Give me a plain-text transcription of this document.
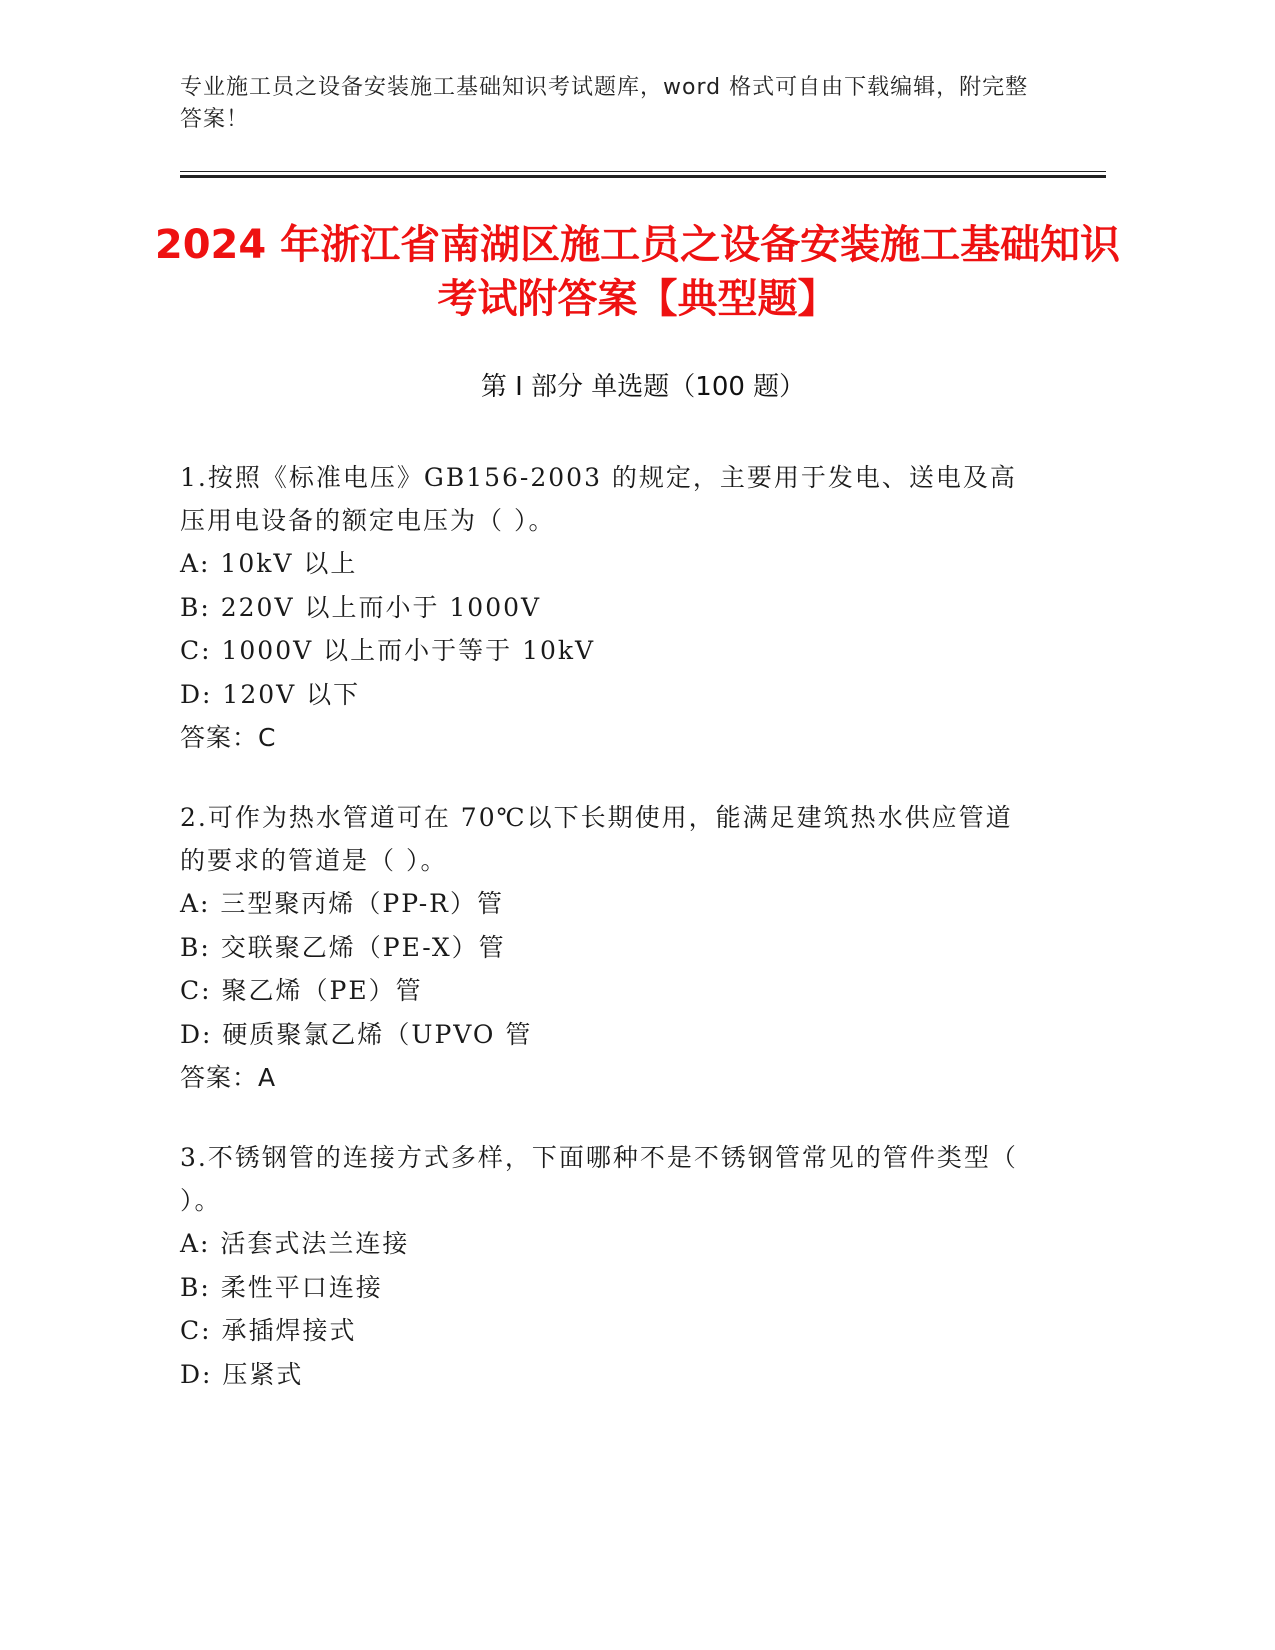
专业施工员之设备安装施工基础知识考试题库，word 格式可自由下载编辑，附完整答案！
2024 年浙江省南湖区施工员之设备安装施工基础知识考试附答案【典型题】
第 I 部分 单选题（100 题）

1.按照《标准电压》GB156-2003 的规定，主要用于发电、送电及高压用电设备的额定电压为（ ）。

A: 10kV 以上

B: 220V 以上而小于 1000V

C: 1000V 以上而小于等于 10kV

D: 120V 以下

答案：C

2.可作为热水管道可在 70℃以下长期使用，能满足建筑热水供应管道的要求的管道是（ ）。

A: 三型聚丙烯（PP-R）管

B: 交联聚乙烯（PE-X）管

C: 聚乙烯（PE）管

D: 硬质聚氯乙烯（UPVO 管

答案：A

3.不锈钢管的连接方式多样，下面哪种不是不锈钢管常见的管件类型（ ）。

A: 活套式法兰连接

B: 柔性平口连接

C: 承插焊接式

D: 压紧式
